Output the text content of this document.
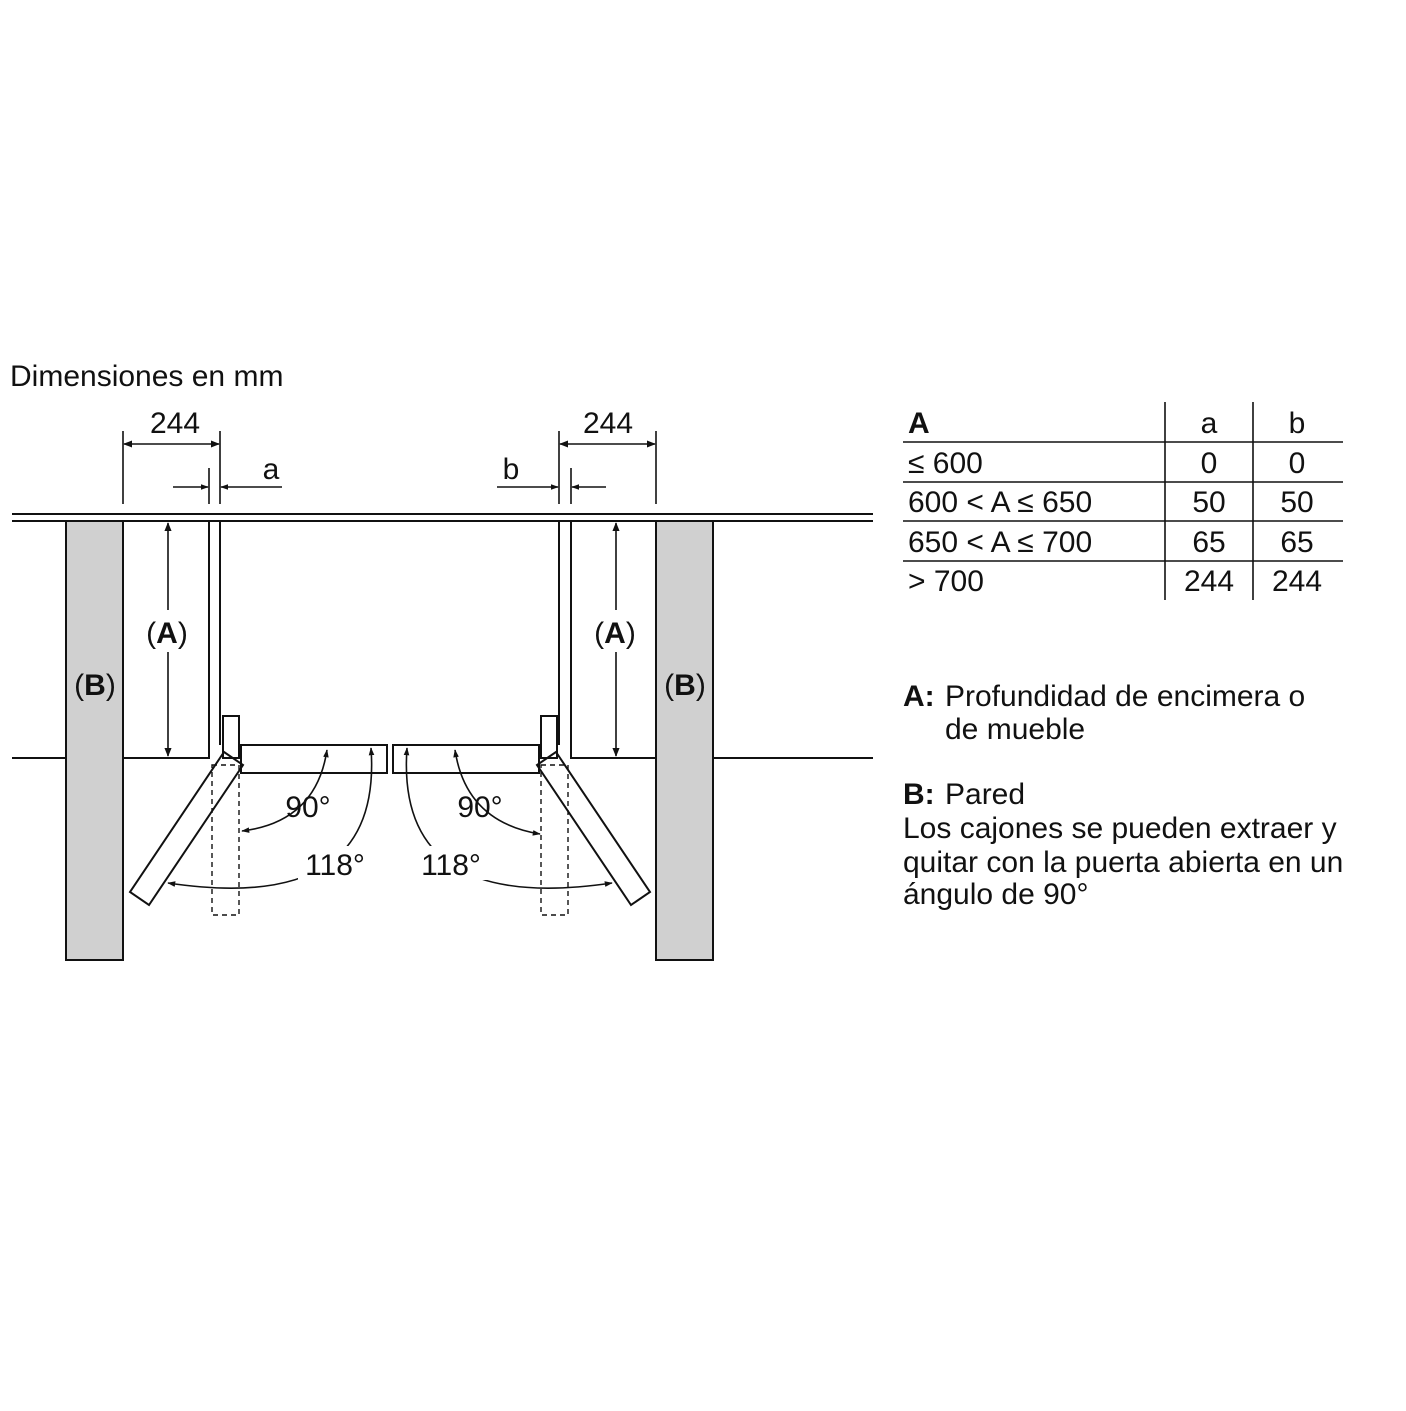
Dimensiones en mm
244	244
a	b
(A)	(A)
(B)	(B)
90°	90°
118° 118°
A	a b
≤ 600	0 0
600 < A ≤ 650	50 50
650 < A ≤ 700	65 65
> 700	244 244
A: Profundidad de encimera o
de mueble
B: Pared
Los cajones se pueden extraer y
quitar con la puerta abierta en un
ángulo de 90°
